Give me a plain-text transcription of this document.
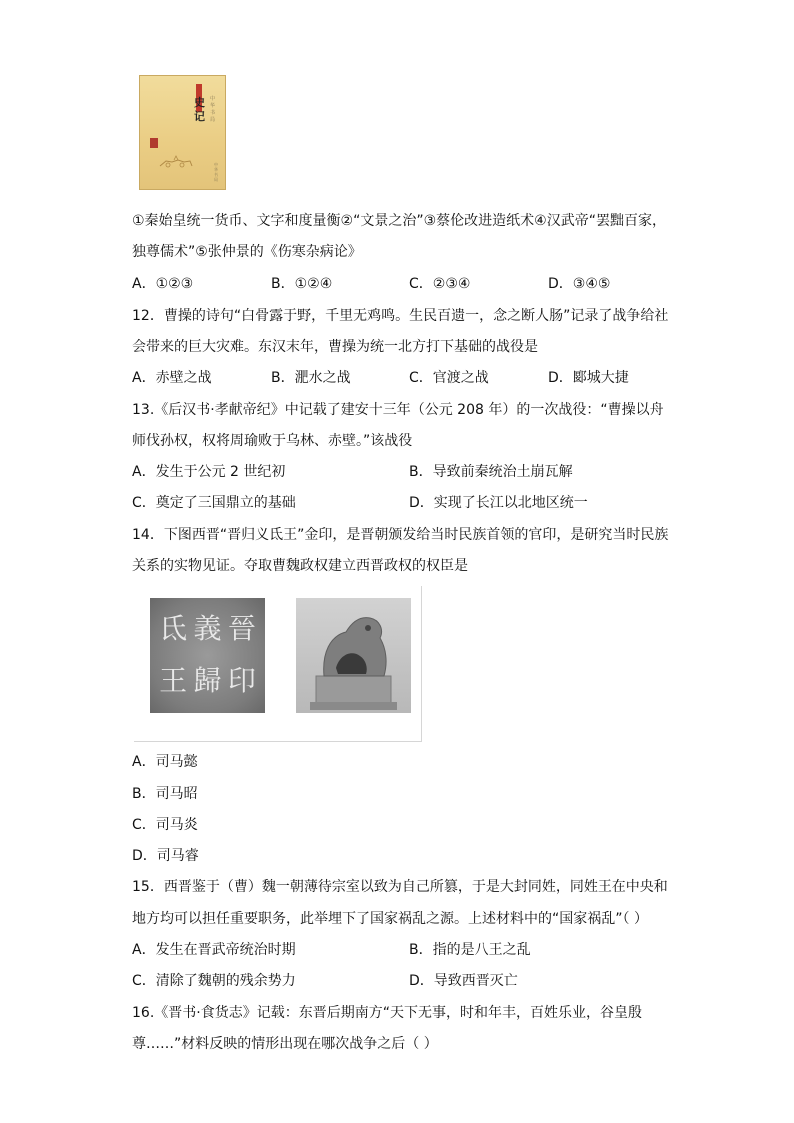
史记
中华书局
中华书局
①秦始皇统一货币、文字和度量衡②“文景之治”③蔡伦改进造纸术④汉武帝“罢黜百家，
独尊儒术”⑤张仲景的《伤寒杂病论》
A．①②③	B．①②④	C．②③④	D．③④⑤
12．曹操的诗句“白骨露于野，千里无鸡鸣。生民百遗一，念之断人肠”记录了战争给社
会带来的巨大灾难。东汉末年，曹操为统一北方打下基础的战役是
A．赤壁之战	B．淝水之战	C．官渡之战	D．郾城大捷
13.《后汉书·孝献帝纪》中记载了建安十三年（公元 208 年）的一次战役：“曹操以舟
师伐孙权，权将周瑜败于乌林、赤壁。”该战役
A．发生于公元 2 世纪初	B．导致前秦统治土崩瓦解
C．奠定了三国鼎立的基础	D．实现了长江以北地区统一
14．下图西晋“晋归义氐王”金印，是晋朝颁发给当时民族首领的官印，是研究当时民族
关系的实物见证。夺取曹魏政权建立西晋政权的权臣是
氐 義 晉
王 歸 印
A．司马懿
B．司马昭
C．司马炎
D．司马睿
15．西晋鉴于（曹）魏一朝薄待宗室以致为自己所篡，于是大封同姓，同姓王在中央和
地方均可以担任重要职务，此举埋下了国家祸乱之源。上述材料中的“国家祸乱”（ ）
A．发生在晋武帝统治时期	B．指的是八王之乱
C．清除了魏朝的残余势力	D．导致西晋灭亡
16.《晋书·食货志》记载：东晋后期南方“天下无事，时和年丰，百姓乐业，谷皇殷
尊……”材料反映的情形出现在哪次战争之后（ ）
